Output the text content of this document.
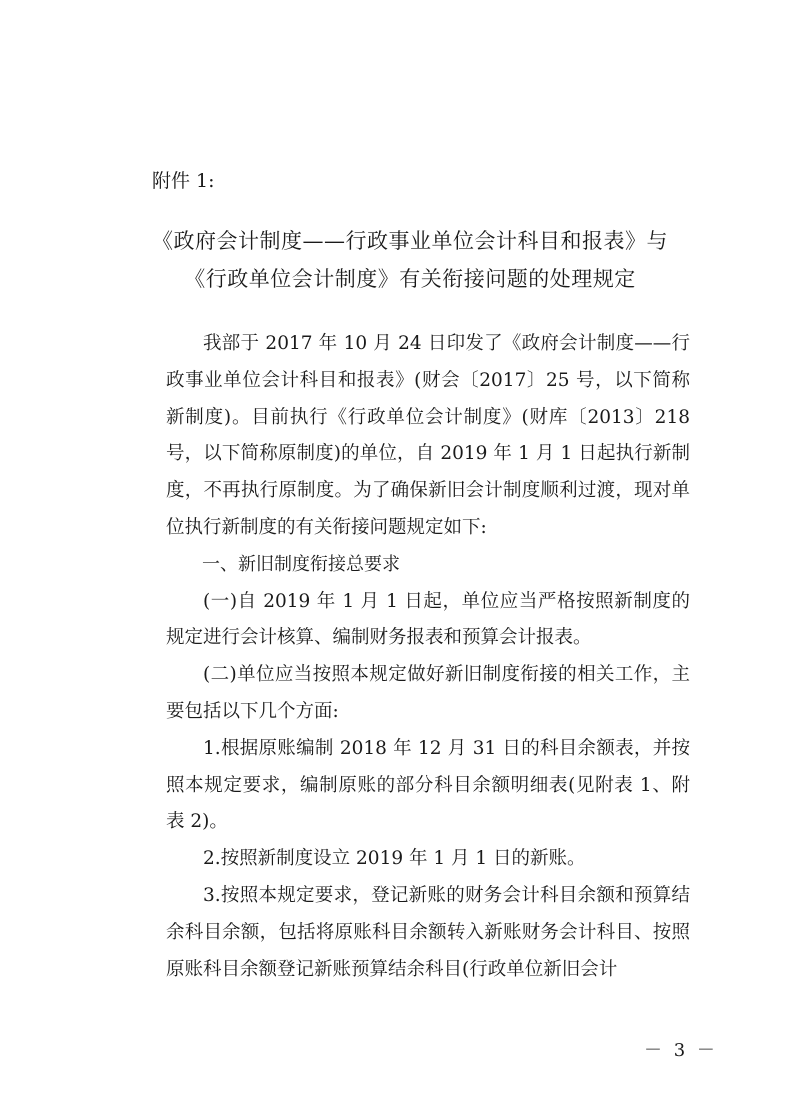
附件 1:
《政府会计制度——行政事业单位会计科目和报表》与
《行政单位会计制度》有关衔接问题的处理规定

我部于 2017 年 10 月 24 日印发了《政府会计制度——行政事业单位会计科目和报表》(财会〔2017〕25 号，以下简称新制度)。目前执行《行政单位会计制度》(财库〔2013〕218 号，以下简称原制度)的单位，自 2019 年 1 月 1 日起执行新制度，不再执行原制度。为了确保新旧会计制度顺利过渡，现对单位执行新制度的有关衔接问题规定如下:

一、新旧制度衔接总要求

(一)自 2019 年 1 月 1 日起，单位应当严格按照新制度的规定进行会计核算、编制财务报表和预算会计报表。

(二)单位应当按照本规定做好新旧制度衔接的相关工作，主要包括以下几个方面:

1.根据原账编制 2018 年 12 月 31 日的科目余额表，并按照本规定要求，编制原账的部分科目余额明细表(见附表 1、附表 2)。

2.按照新制度设立 2019 年 1 月 1 日的新账。

3.按照本规定要求，登记新账的财务会计科目余额和预算结余科目余额，包括将原账科目余额转入新账财务会计科目、按照原账科目余额登记新账预算结余科目(行政单位新旧会计

－ 3 －
